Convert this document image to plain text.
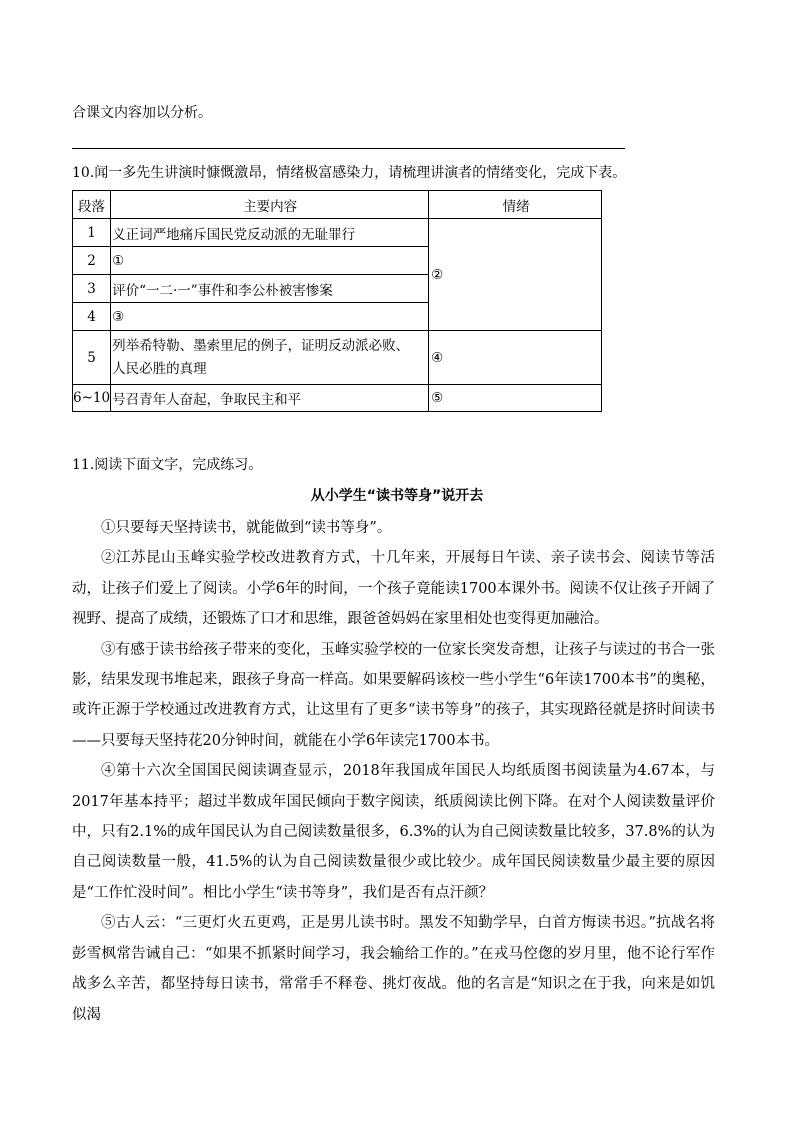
合课文内容加以分析。
10.闻一多先生讲演时慷慨激昂，情绪极富感染力，请梳理讲演者的情绪变化，完成下表。
段落	主要内容	情绪
1	义正词严地痛斥国民党反动派的无耻罪行	②
2	①	
3	评价“一二·一”事件和李公朴被害惨案	
4	③	
5	列举希特勒、墨索里尼的例子，证明反动派必败、
人民必胜的真理	④
6~10	号召青年人奋起，争取民主和平	⑤
11.阅读下面文字，完成练习。
从小学生“读书等身”说开去

①只要每天坚持读书，就能做到“读书等身”。

②江苏昆山玉峰实验学校改进教育方式，十几年来，开展每日午读、亲子读书会、阅读节等活动，让孩子们爱上了阅读。小学6年的时间，一个孩子竟能读1700本课外书。阅读不仅让孩子开阔了视野、提高了成绩，还锻炼了口才和思维，跟爸爸妈妈在家里相处也变得更加融洽。

③有感于读书给孩子带来的变化，玉峰实验学校的一位家长突发奇想，让孩子与读过的书合一张影，结果发现书堆起来，跟孩子身高一样高。如果要解码该校一些小学生“6年读1700本书”的奥秘，或许正源于学校通过改进教育方式，让这里有了更多“读书等身”的孩子，其实现路径就是挤时间读书——只要每天坚持花20分钟时间，就能在小学6年读完1700本书。

④第十六次全国国民阅读调查显示，2018年我国成年国民人均纸质图书阅读量为4.67本，与2017年基本持平；超过半数成年国民倾向于数字阅读，纸质阅读比例下降。在对个人阅读数量评价中，只有2.1%的成年国民认为自己阅读数量很多，6.3%的认为自己阅读数量比较多，37.8%的认为自己阅读数量一般，41.5%的认为自己阅读数量很少或比较少。成年国民阅读数量少最主要的原因是“工作忙没时间”。相比小学生“读书等身”，我们是否有点汗颜？

⑤古人云：“三更灯火五更鸡，正是男儿读书时。黑发不知勤学早，白首方悔读书迟。”抗战名将彭雪枫常告诫自己：“如果不抓紧时间学习，我会输给工作的。”在戎马倥偬的岁月里，他不论行军作战多么辛苦，都坚持每日读书，常常手不释卷、挑灯夜战。他的名言是“知识之在于我，向来是如饥似渴
